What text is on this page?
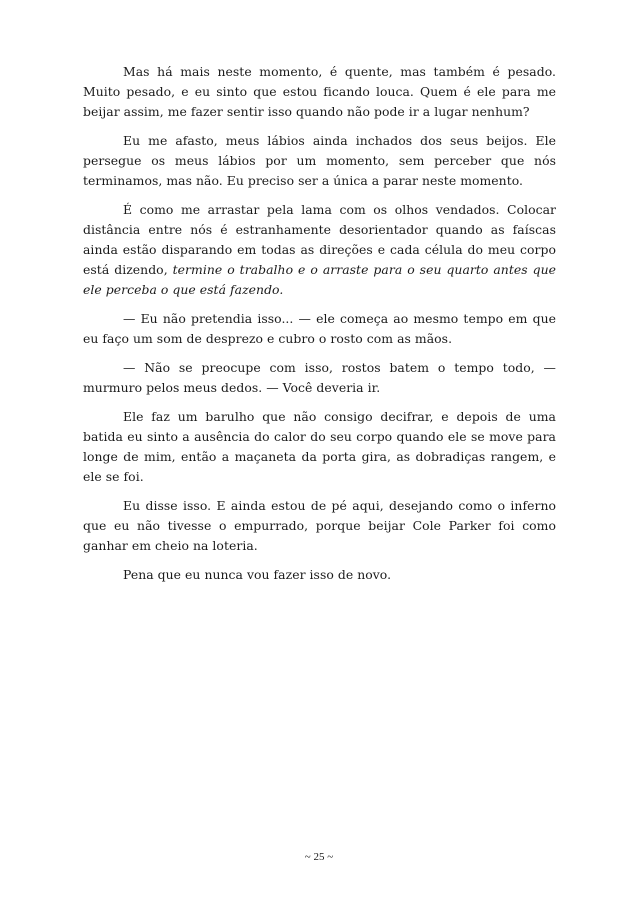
Mas há mais neste momento, é quente, mas também é pesado. Muito pesado, e eu sinto que estou ficando louca. Quem é ele para me beijar assim, me fazer sentir isso quando não pode ir a lugar nenhum?

Eu me afasto, meus lábios ainda inchados dos seus beijos. Ele persegue os meus lábios por um momento, sem perceber que nós terminamos, mas não. Eu preciso ser a única a parar neste momento.

É como me arrastar pela lama com os olhos vendados. Colocar distância entre nós é estranhamente desorientador quando as faíscas ainda estão disparando em todas as direções e cada célula do meu corpo está dizendo, termine o trabalho e o arraste para o seu quarto antes que ele perceba o que está fazendo.

— Eu não pretendia isso... — ele começa ao mesmo tempo em que eu faço um som de desprezo e cubro o rosto com as mãos.

— Não se preocupe com isso, rostos batem o tempo todo, — murmuro pelos meus dedos. — Você deveria ir.

Ele faz um barulho que não consigo decifrar, e depois de uma batida eu sinto a ausência do calor do seu corpo quando ele se move para longe de mim, então a maçaneta da porta gira, as dobradiças rangem, e ele se foi.

Eu disse isso. E ainda estou de pé aqui, desejando como o inferno que eu não tivesse o empurrado, porque beijar Cole Parker foi como ganhar em cheio na loteria.

Pena que eu nunca vou fazer isso de novo.

~ 25 ~
